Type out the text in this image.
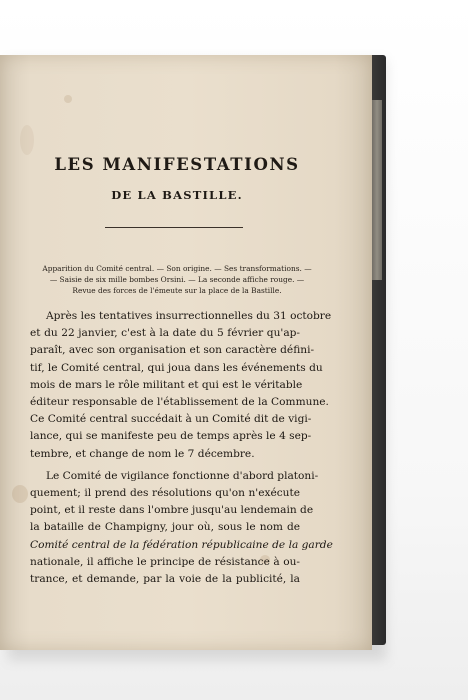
LES MANIFESTATIONS
DE LA BASTILLE.
Apparition du Comité central. — Son origine. — Ses transformations. —
— Saisie de six mille bombes Orsini. — La seconde affiche rouge. —
Revue des forces de l'émeute sur la place de la Bastille.
Après les tentatives insurrectionnelles du 31 octobre
et du 22 janvier, c'est à la date du 5 février qu'ap-
paraît, avec son organisation et son caractère défini-
tif, le Comité central, qui joua dans les événements du
mois de mars le rôle militant et qui est le véritable
éditeur responsable de l'établissement de la Commune.
Ce Comité central succédait à un Comité dit de vigi-
lance, qui se manifeste peu de temps après le 4 sep-
tembre, et change de nom le 7 décembre.
Le Comité de vigilance fonctionne d'abord platoni-
quement; il prend des résolutions qu'on n'exécute
point, et il reste dans l'ombre jusqu'au lendemain de
la bataille de Champigny, jour où, sous le nom de
Comité central de la fédération républicaine de la garde
nationale, il affiche le principe de résistance à ou-
trance, et demande, par la voie de la publicité, la
